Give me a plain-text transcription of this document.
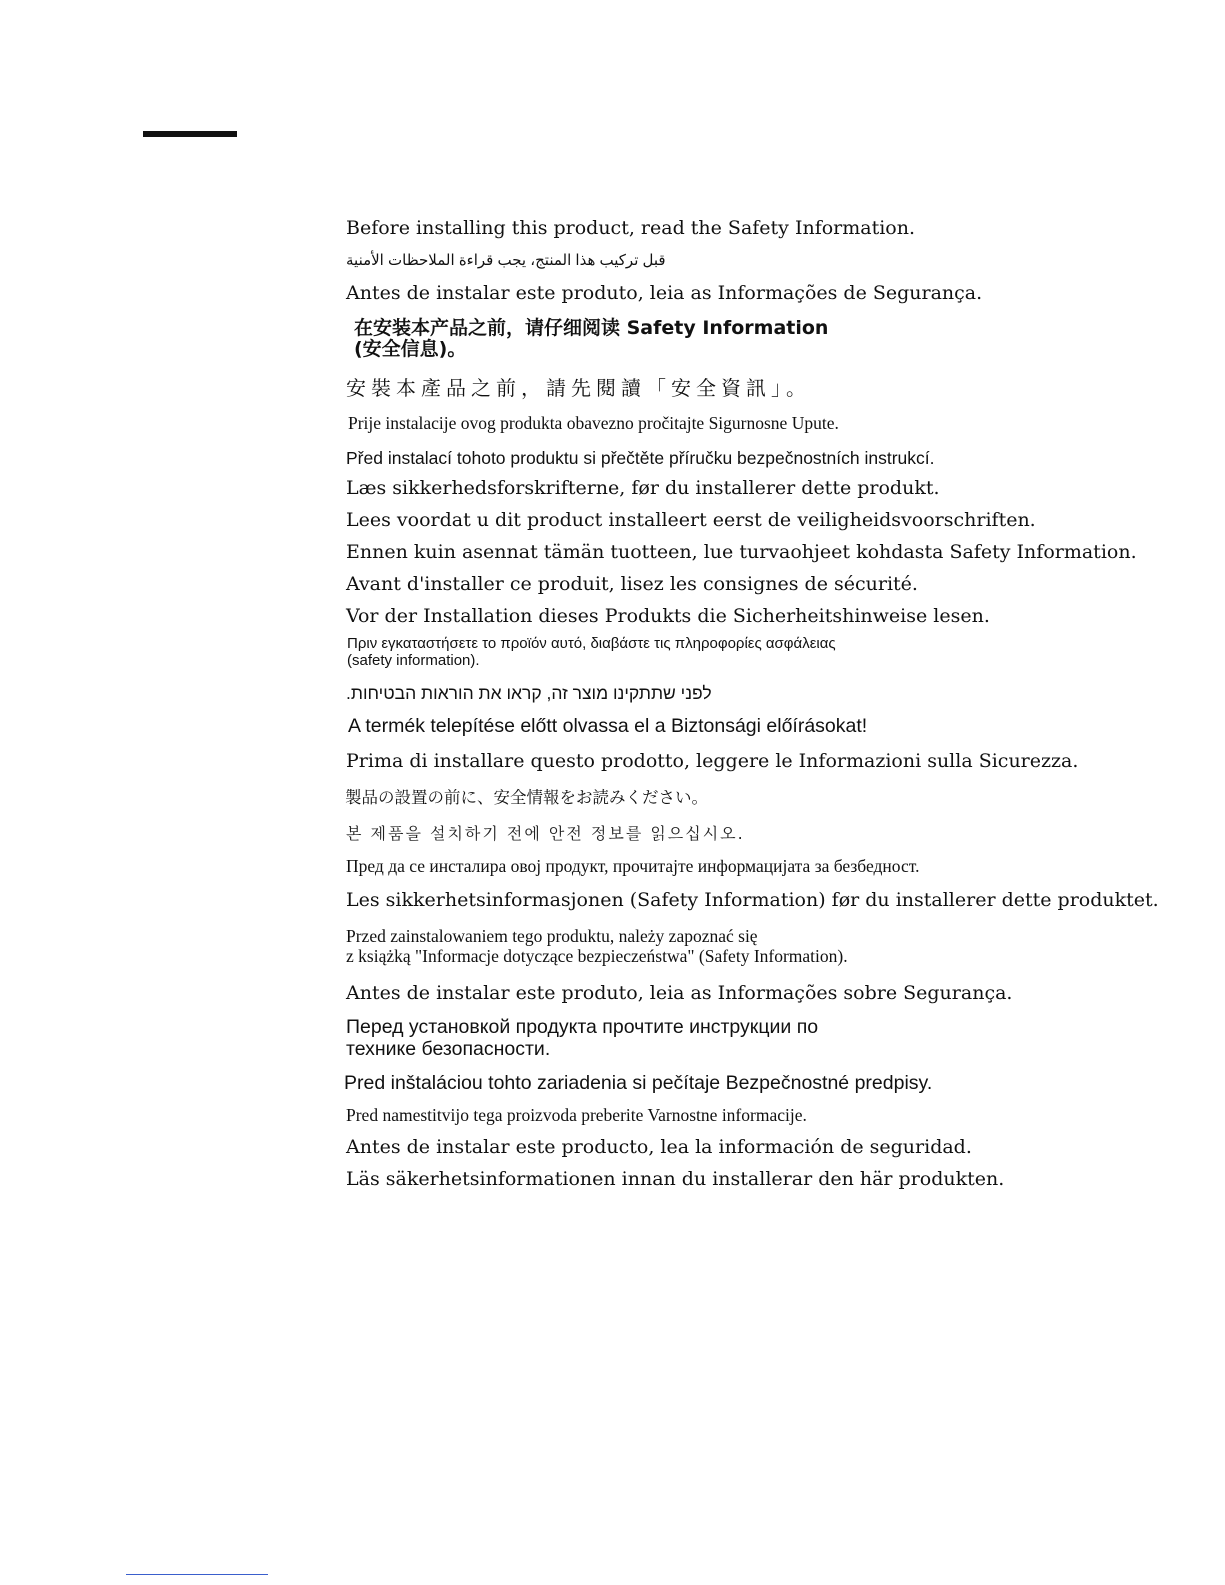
Before installing this product, read the Safety Information.
قبل تركيب هذا المنتج، يجب قراءة الملاحظات الأمنية
Antes de instalar este produto, leia as Informações de Segurança.
在安装本产品之前，请仔细阅读 Safety Information
(安全信息)。
安裝本產品之前，請先閱讀「安全資訊」。
Prije instalacije ovog produkta obavezno pročitajte Sigurnosne Upute.
Před instalací tohoto produktu si přečtěte příručku bezpečnostních instrukcí.
Læs sikkerhedsforskrifterne, før du installerer dette produkt.
Lees voordat u dit product installeert eerst de veiligheidsvoorschriften.
Ennen kuin asennat tämän tuotteen, lue turvaohjeet kohdasta Safety Information.
Avant d'installer ce produit, lisez les consignes de sécurité.
Vor der Installation dieses Produkts die Sicherheitshinweise lesen.
Πριν εγκαταστήσετε το προϊόν αυτό, διαβάστε τις πληροφορίες ασφάλειας
(safety information).
לפני שתתקינו מוצר זה, קראו את הוראות הבטיחות.
A termék telepítése előtt olvassa el a Biztonsági előírásokat!
Prima di installare questo prodotto, leggere le Informazioni sulla Sicurezza.
製品の設置の前に、安全情報をお読みください。
본 제품을 설치하기 전에 안전 정보를 읽으십시오.
Пред да се инсталира овој продукт, прочитајте информацијата за безбедност.
Les sikkerhetsinformasjonen (Safety Information) før du installerer dette produktet.
Przed zainstalowaniem tego produktu, należy zapoznać się
z książką "Informacje dotyczące bezpieczeństwa" (Safety Information).
Antes de instalar este produto, leia as Informações sobre Segurança.
Перед установкой продукта прочтите инструкции по
технике безопасности.
Pred inštaláciou tohto zariadenia si pečítaje Bezpečnostné predpisy.
Pred namestitvijo tega proizvoda preberite Varnostne informacije.
Antes de instalar este producto, lea la información de seguridad.
Läs säkerhetsinformationen innan du installerar den här produkten.
